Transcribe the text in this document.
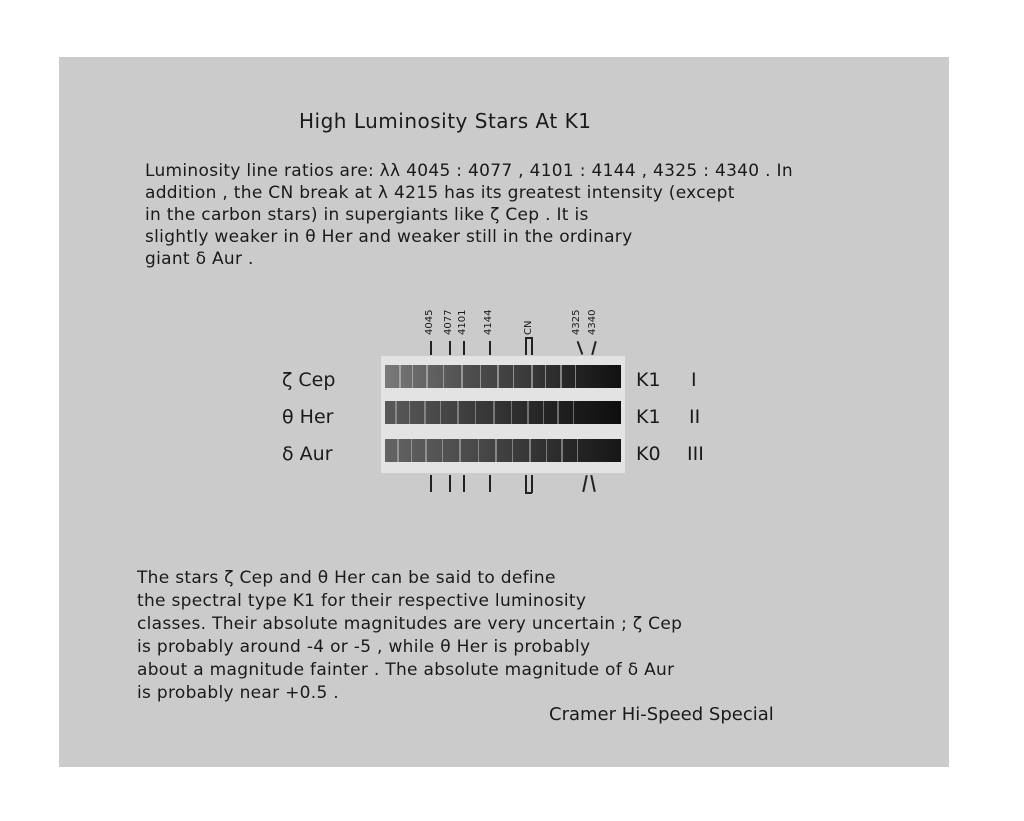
High Luminosity Stars At K1

Luminosity line ratios are: λλ 4045 : 4077 , 4101 : 4144 , 4325 : 4340 . In

addition , the CN break at λ 4215 has its greatest intensity (except

in the carbon stars) in supergiants like ζ Cep . It is

slightly weaker in θ Her and weaker still in the ordinary

giant δ Aur .

4045 4077 4101 4144	CN	4325 4340
ζ Cep
θ Her
δ Aur
K1 I
K1 II
K0 III

The stars ζ Cep and θ Her can be said to define

the spectral type K1 for their respective luminosity

classes. Their absolute magnitudes are very uncertain ; ζ Cep

is probably around -4 or -5 , while θ Her is probably

about a magnitude fainter . The absolute magnitude of δ Aur

is probably near +0.5 .

Cramer Hi-Speed Special
